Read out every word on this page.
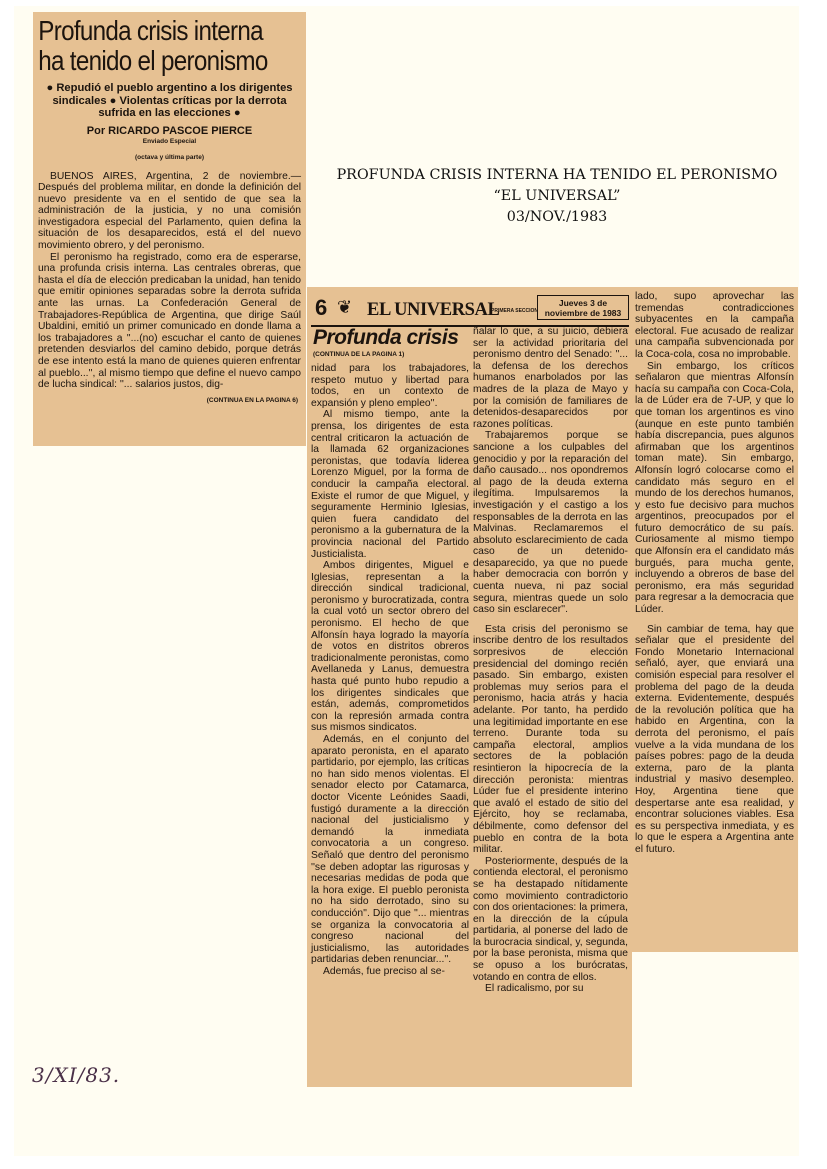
Profunda crisis interna
ha tenido el peronismo
● Repudió el pueblo argentino a los dirigentes sindicales ● Violentas críticas por la derrota sufrida en las elecciones ●
Por RICARDO PASCOE PIERCE
Enviado Especial
(octava y última parte)

BUENOS AIRES, Argentina, 2 de noviembre.— Después del problema militar, en donde la definición del nuevo presidente va en el sentido de que sea la administración de la justicia, y no una comisión investigadora especial del Parlamento, quien defina la situación de los desaparecidos, está el del nuevo movimiento obrero, y del peronismo.

El peronismo ha registrado, como era de esperarse, una profunda crisis interna. Las centrales obreras, que hasta el día de elección predicaban la unidad, han tenido que emitir opiniones separadas sobre la derrota sufrida ante las urnas. La Confederación General de Trabajadores-República de Argentina, que dirige Saúl Ubaldini, emitió un primer comunicado en donde llama a los trabajadores a ''...(no) escuchar el canto de quienes pretenden desviarlos del camino debido, porque detrás de ese intento está la mano de quienes quieren enfrentar al pueblo...'', al mismo tiempo que define el nuevo campo de lucha sindical: ''... salarios justos, dig-

(CONTINUA EN LA PAGINA 6)
PROFUNDA CRISIS INTERNA HA TENIDO EL PERONISMO
“EL UNIVERSAL”
03/NOV./1983
6 ❦ EL UNIVERSAL
PRIMERA SECCION
Jueves 3 de
noviembre de 1983
Profunda crisis
(CONTINUA DE LA PAGINA 1)

nidad para los trabajadores, respeto mutuo y libertad para todos, en un contexto de expansión y pleno empleo''.

Al mismo tiempo, ante la prensa, los dirigentes de esta central criticaron la actuación de la llamada 62 organizaciones peronistas, que todavía liderea Lorenzo Miguel, por la forma de conducir la campaña electoral. Existe el rumor de que Miguel, y seguramente Herminio Iglesias, quien fuera candidato del peronismo a la gubernatura de la provincia nacional del Partido Justicialista.

Ambos dirigentes, Miguel e Iglesias, representan a la dirección sindical tradicional, peronismo y burocratizada, contra la cual votó un sector obrero del peronismo. El hecho de que Alfonsín haya logrado la mayoría de votos en distritos obreros tradicionalmente peronistas, como Avellaneda y Lanus, demuestra hasta qué punto hubo repudio a los dirigentes sindicales que están, además, comprometidos con la represión armada contra sus mismos sindicatos.

Además, en el conjunto del aparato peronista, en el aparato partidario, por ejemplo, las críticas no han sido menos violentas. El senador electo por Catamarca, doctor Vicente Leónides Saadi, fustigó duramente a la dirección nacional del justicialismo y demandó la inmediata convocatoria a un congreso. Señaló que dentro del peronismo ''se deben adoptar las rigurosas y necesarias medidas de poda que la hora exige. El pueblo peronista no ha sido derrotado, sino su conducción''. Dijo que ''... mientras se organiza la convocatoria al congreso nacional del justicialismo, las autoridades partidarias deben renunciar...''.

Además, fue preciso al se-

ñalar lo que, a su juicio, debiera ser la actividad prioritaria del peronismo dentro del Senado: ''... la defensa de los derechos humanos enarbolados por las madres de la plaza de Mayo y por la comisión de familiares de detenidos-desaparecidos por razones políticas.

Trabajaremos porque se sancione a los culpables del genocidio y por la reparación del daño causado... nos opondremos al pago de la deuda externa ilegítima. Impulsaremos la investigación y el castigo a los responsables de la derrota en las Malvinas. Reclamaremos el absoluto esclarecimiento de cada caso de un detenido-desaparecido, ya que no puede haber democracia con borrón y cuenta nueva, ni paz social segura, mientras quede un solo caso sin esclarecer''.

Esta crisis del peronismo se inscribe dentro de los resultados sorpresivos de elección presidencial del domingo recién pasado. Sin embargo, existen problemas muy serios para el peronismo, hacia atrás y hacia adelante. Por tanto, ha perdido una legitimidad importante en ese terreno. Durante toda su campaña electoral, amplios sectores de la población resintieron la hipocrecía de la dirección peronista: mientras Lúder fue el presidente interino que avaló el estado de sitio del Ejército, hoy se reclamaba, débilmente, como defensor del pueblo en contra de la bota militar.

Posteriormente, después de la contienda electoral, el peronismo se ha destapado nítidamente como movimiento contradictorio con dos orientaciones: la primera, en la dirección de la cúpula partidaria, al ponerse del lado de la burocracia sindical, y, segunda, por la base peronista, misma que se opuso a los burócratas, votando en contra de ellos.

El radicalismo, por su

lado, supo aprovechar las tremendas contradicciones subyacentes en la campaña electoral. Fue acusado de realizar una campaña subvencionada por la Coca-cola, cosa no improbable.

Sin embargo, los críticos señalaron que mientras Alfonsín hacía su campaña con Coca-Cola, la de Lúder era de 7-UP, y que lo que toman los argentinos es vino (aunque en este punto también había discrepancia, pues algunos afirmaban que los argentinos toman mate). Sin embargo, Alfonsín logró colocarse como el candidato más seguro en el mundo de los derechos humanos, y esto fue decisivo para muchos argentinos, preocupados por el futuro democrático de su país. Curiosamente al mismo tiempo que Alfonsín era el candidato más burgués, para mucha gente, incluyendo a obreros de base del peronismo, era más seguridad para regresar a la democracia que Lúder.

Sin cambiar de tema, hay que señalar que el presidente del Fondo Monetario Internacional señaló, ayer, que enviará una comisión especial para resolver el problema del pago de la deuda externa. Evidentemente, después de la revolución política que ha habido en Argentina, con la derrota del peronismo, el país vuelve a la vida mundana de los países pobres: pago de la deuda externa, paro de la planta industrial y masivo desempleo. Hoy, Argentina tiene que despertarse ante esa realidad, y encontrar soluciones viables. Esa es su perspectiva inmediata, y es lo que le espera a Argentina ante el futuro.

3/XI/83.
